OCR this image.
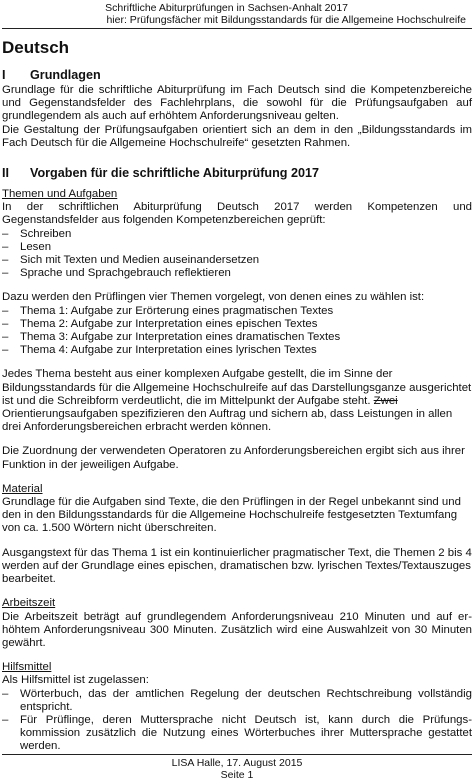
Schriftliche Abiturprüfungen in Sachsen-Anhalt 2017
hier: Prüfungsfächer mit Bildungsstandards für die Allgemeine Hochschulreife
Deutsch
I Grundlagen

Grundlage für die schriftliche Abiturprüfung im Fach Deutsch sind die Kompetenzbereiche und Gegenstandsfelder des Fachlehrplans, die sowohl für die Prüfungsaufgaben auf grundlegendem als auch auf erhöhtem Anforderungsniveau gelten.

Die Gestaltung der Prüfungsaufgaben orientiert sich an dem in den „Bildungsstandards im Fach Deutsch für die Allgemeine Hochschulreife“ gesetzten Rahmen.

II Vorgaben für die schriftliche Abiturprüfung 2017
Themen und Aufgaben

In der schriftlichen Abiturprüfung Deutsch 2017 werden Kompetenzen und Gegenstandsfelder aus folgenden Kompetenzbereichen geprüft:

– Schreiben
– Lesen
– Sich mit Texten und Medien auseinandersetzen
– Sprache und Sprachgebrauch reflektieren

Dazu werden den Prüflingen vier Themen vorgelegt, von denen eines zu wählen ist:

– Thema 1: Aufgabe zur Erörterung eines pragmatischen Textes
– Thema 2: Aufgabe zur Interpretation eines epischen Textes
– Thema 3: Aufgabe zur Interpretation eines dramatischen Textes
– Thema 4: Aufgabe zur Interpretation eines lyrischen Textes

Jedes Thema besteht aus einer komplexen Aufgabe gestellt, die im Sinne der Bildungsstandards für die Allgemeine Hochschulreife auf das Darstellungsganze ausgerichtet ist und die Schreibform verdeutlicht, die im Mittelpunkt der Aufgabe steht. Zwei Orientierungsaufgaben spezifizieren den Auftrag und sichern ab, dass Leistungen in allen drei Anforderungsbereichen erbracht werden können.

Die Zuordnung der verwendeten Operatoren zu Anforderungsbereichen ergibt sich aus ihrer Funktion in der jeweiligen Aufgabe.

Material

Grundlage für die Aufgaben sind Texte, die den Prüflingen in der Regel unbekannt sind und den in den Bildungsstandards für die Allgemeine Hochschulreife festgesetzten Textumfang von ca. 1.500 Wörtern nicht überschreiten.

Ausgangstext für das Thema 1 ist ein kontinuierlicher pragmatischer Text, die Themen 2 bis 4 werden auf der Grundlage eines epischen, dramatischen bzw. lyrischen Textes/Textauszuges bearbeitet.

Arbeitszeit

Die Arbeitszeit beträgt auf grundlegendem Anforderungsniveau 210 Minuten und auf erhöhtem Anforderungsniveau 300 Minuten. Zusätzlich wird eine Auswahlzeit von 30 Minuten gewährt.

Hilfsmittel

Als Hilfsmittel ist zugelassen:

– Wörterbuch, das der amtlichen Regelung der deutschen Rechtschreibung vollständig entspricht.
– Für Prüflinge, deren Muttersprache nicht Deutsch ist, kann durch die Prüfungskommission zusätzlich die Nutzung eines Wörterbuches ihrer Muttersprache gestattet werden.
LISA Halle, 17. August 2015
Seite 1
